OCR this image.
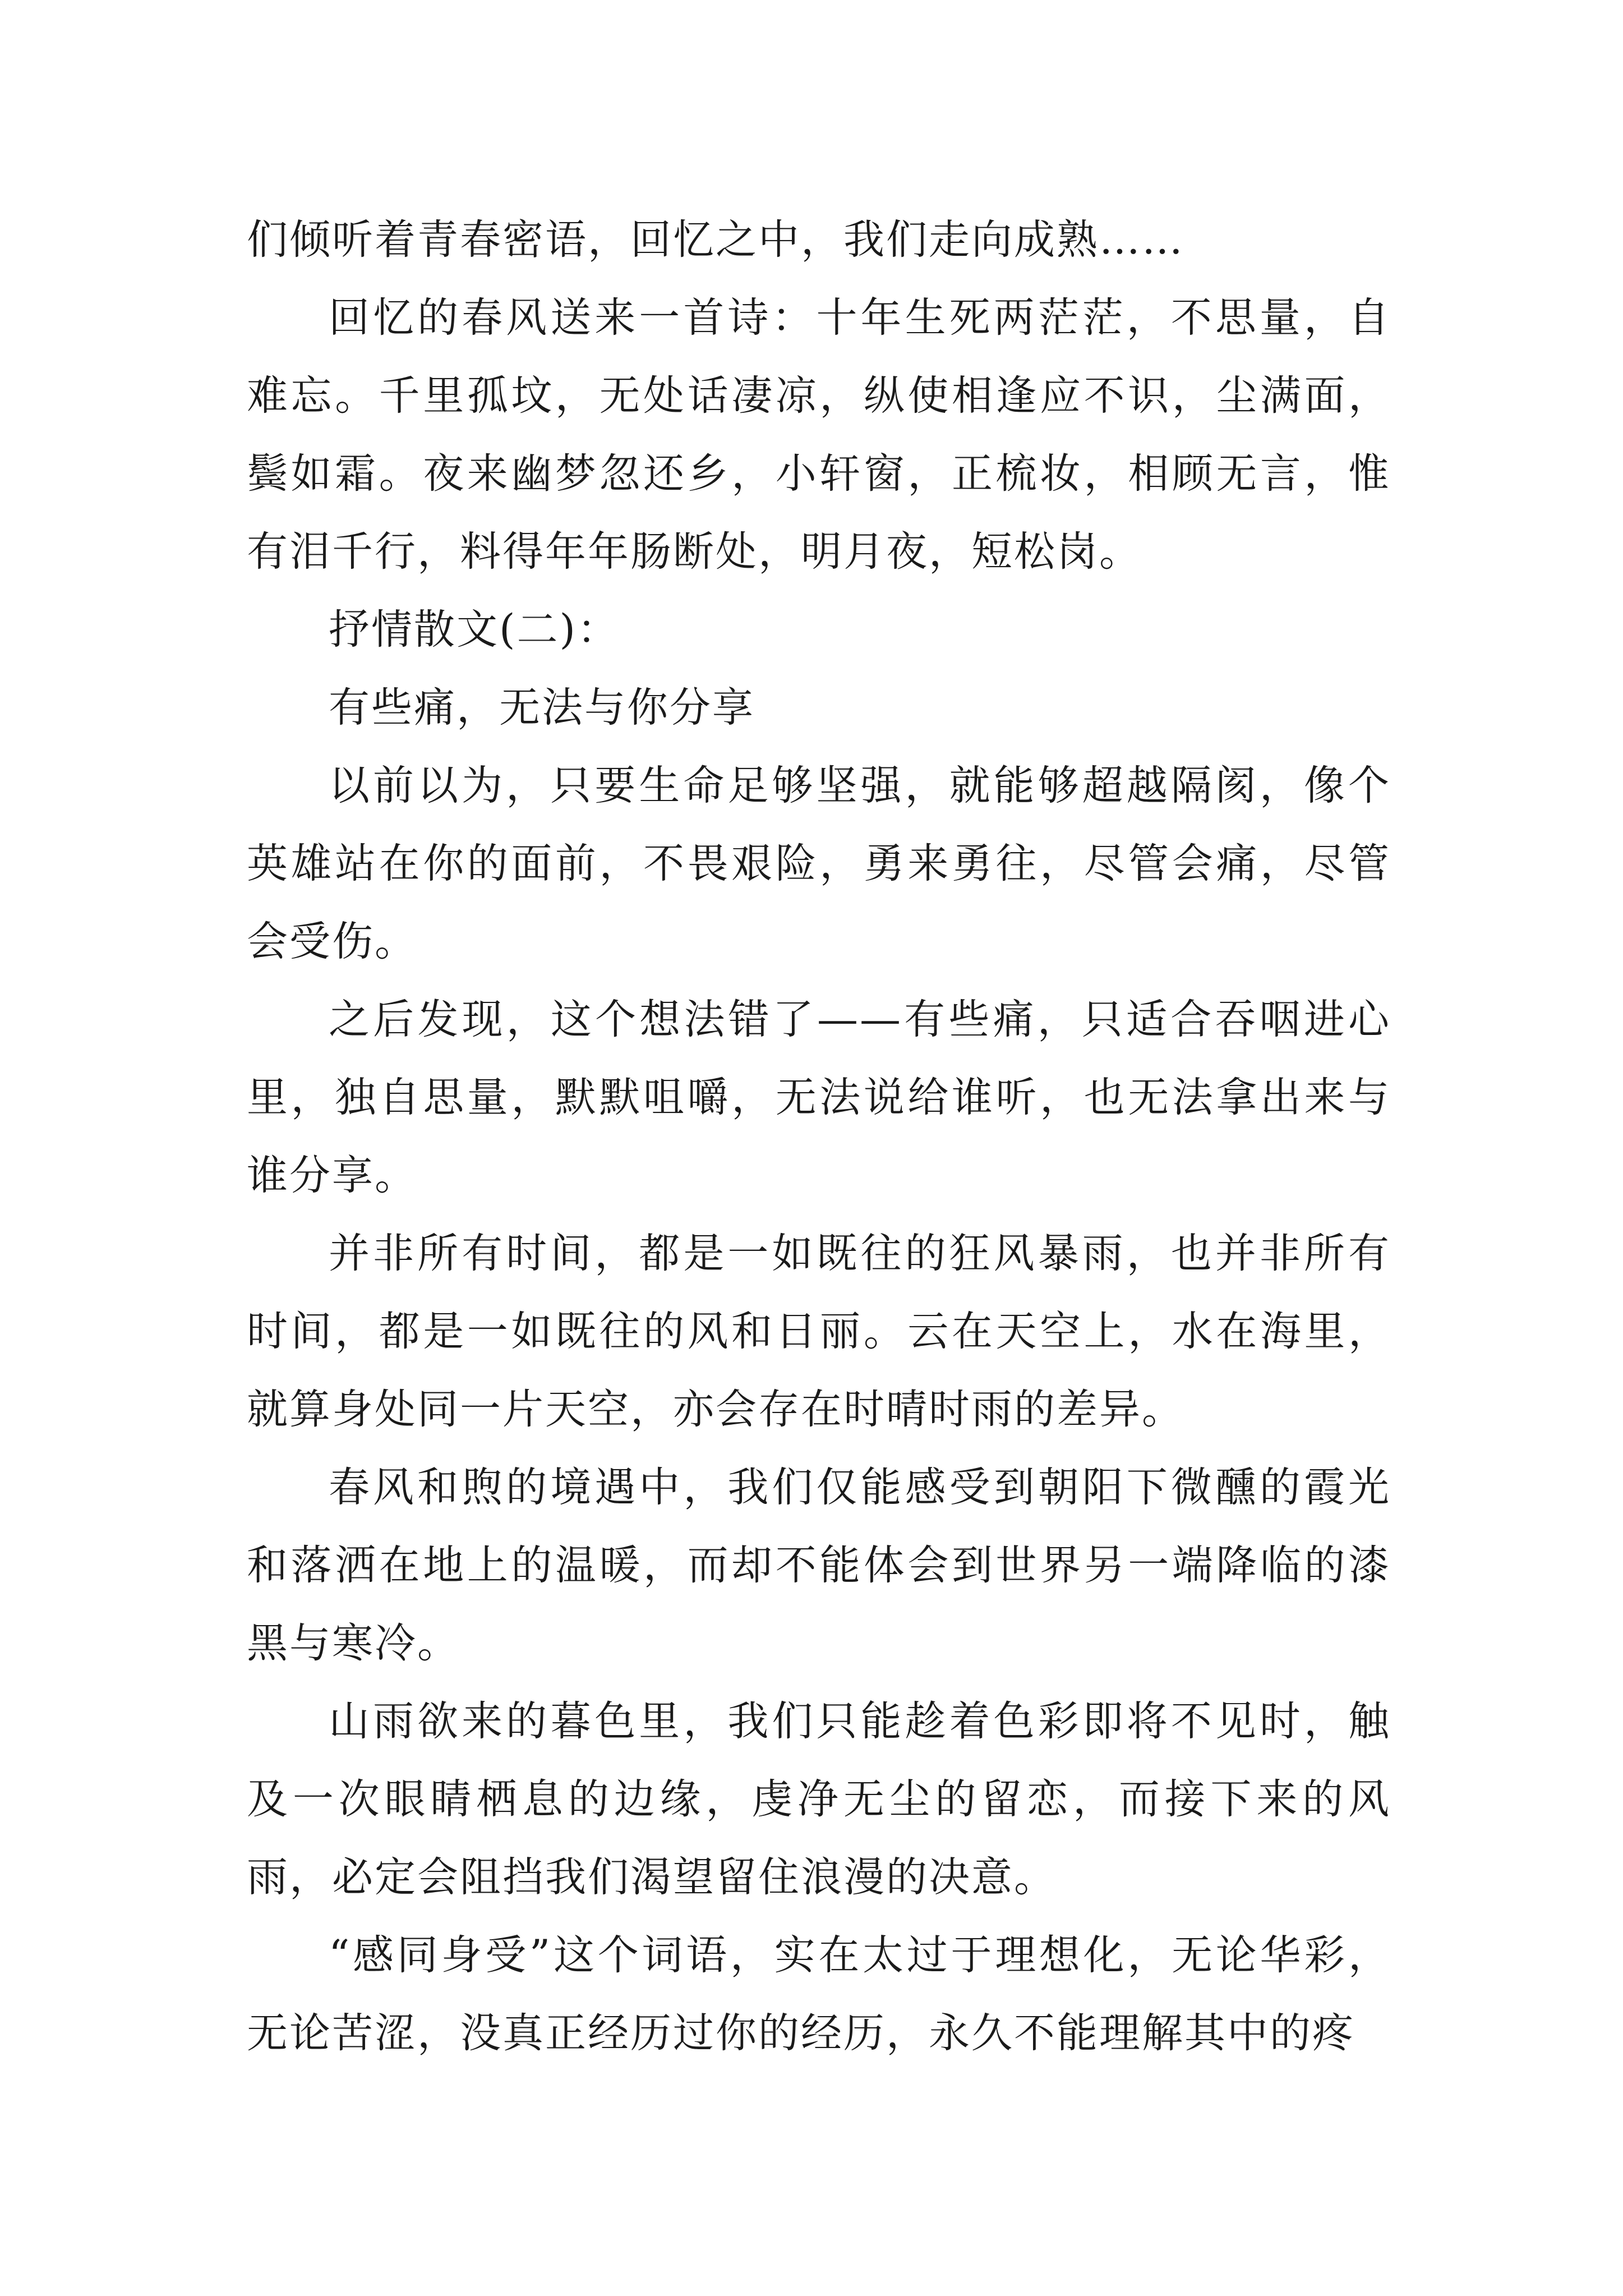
们倾听着青春密语，回忆之中，我们走向成熟……

回忆的春风送来一首诗：十年生死两茫茫，不思量，自难忘。千里孤坟，无处话凄凉，纵使相逢应不识，尘满面，鬓如霜。夜来幽梦忽还乡，小轩窗，正梳妆，相顾无言，惟有泪千行，料得年年肠断处，明月夜，短松岗。

抒情散文(二)：

有些痛，无法与你分享

以前以为，只要生命足够坚强，就能够超越隔阂，像个英雄站在你的面前，不畏艰险，勇来勇往，尽管会痛，尽管会受伤。

之后发现，这个想法错了——有些痛，只适合吞咽进心里，独自思量，默默咀嚼，无法说给谁听，也无法拿出来与谁分享。

并非所有时间，都是一如既往的狂风暴雨，也并非所有时间，都是一如既往的风和日丽。云在天空上，水在海里，就算身处同一片天空，亦会存在时晴时雨的差异。

春风和煦的境遇中，我们仅能感受到朝阳下微醺的霞光和落洒在地上的温暖，而却不能体会到世界另一端降临的漆黑与寒冷。

山雨欲来的暮色里，我们只能趁着色彩即将不见时，触及一次眼睛栖息的边缘，虔净无尘的留恋，而接下来的风雨，必定会阻挡我们渴望留住浪漫的决意。

“感同身受”这个词语，实在太过于理想化，无论华彩，无论苦涩，没真正经历过你的经历，永久不能理解其中的疼
